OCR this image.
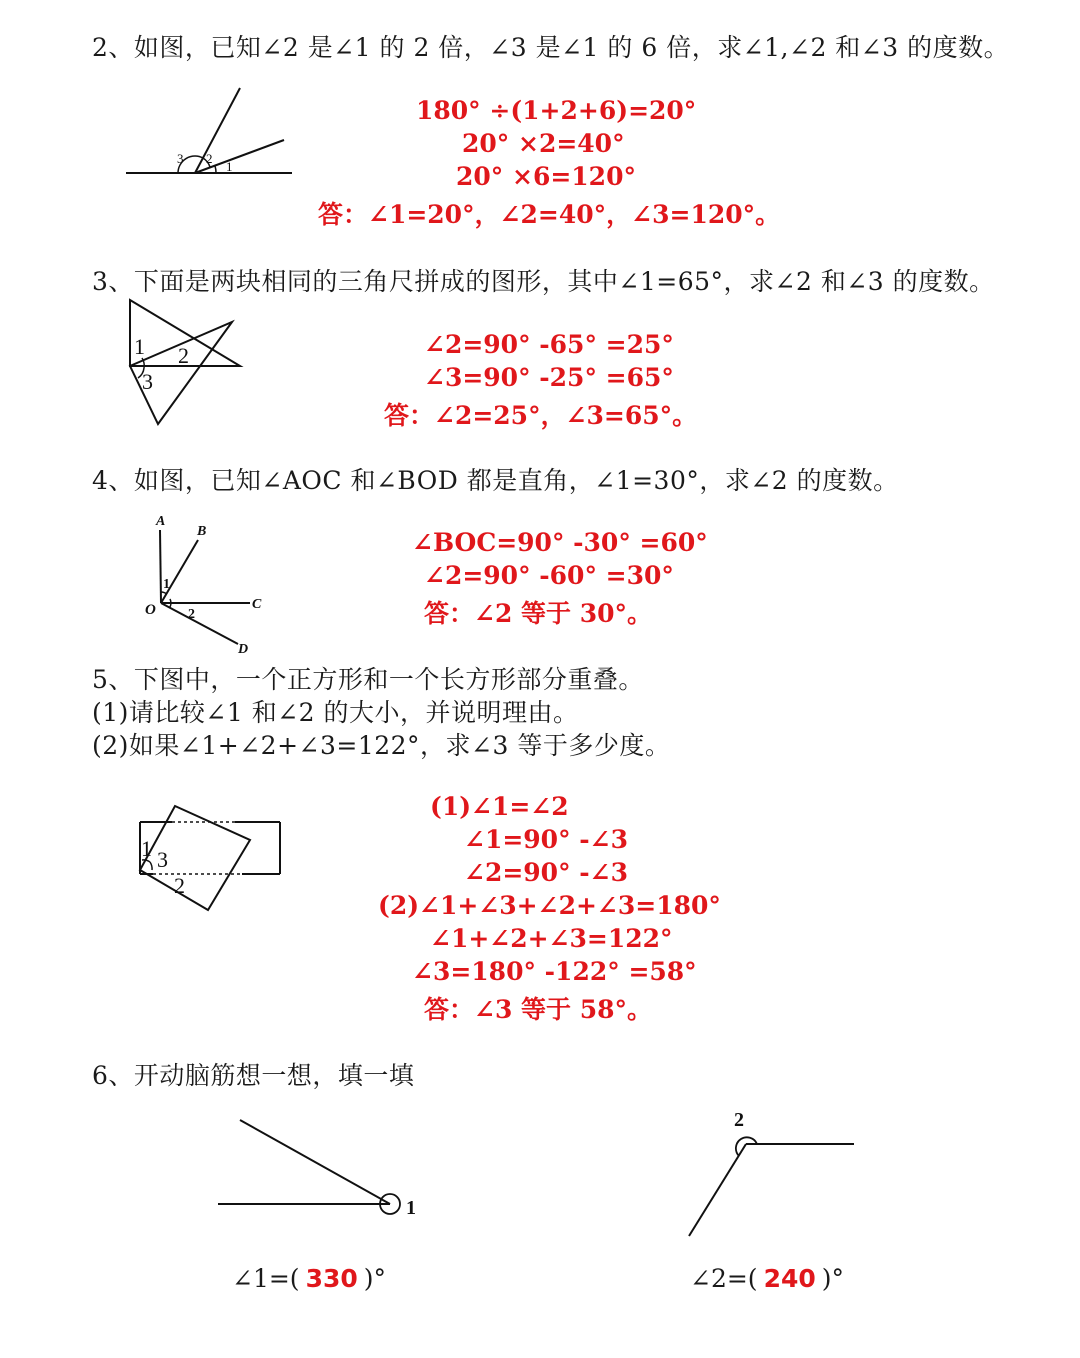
2、如图，已知∠2 是∠1 的 2 倍，∠3 是∠1 的 6 倍，求∠1,∠2 和∠3 的度数。
3 2
1
180° ÷(1+2+6)=20°
20° ×2=40°
20° ×6=120°
答：∠1=20°，∠2=40°，∠3=120°。
3、下面是两块相同的三角尺拼成的图形，其中∠1=65°，求∠2 和∠3 的度数。
1 2
3
∠2=90° -65° =25°
∠3=90° -25° =65°
答：∠2=25°，∠3=65°。
4、如图，已知∠AOC 和∠BOD 都是直角，∠1=30°，求∠2 的度数。
A
B
C
D
O
1
2
∠BOC=90° -30° =60°
∠2=90° -60° =30°
答：∠2 等于 30°。
5、下图中，一个正方形和一个长方形部分重叠。
(1)请比较∠1 和∠2 的大小，并说明理由。
(2)如果∠1+∠2+∠3=122°，求∠3 等于多少度。
1 3
2
(1)∠1=∠2
∠1=90° -∠3
∠2=90° -∠3
(2)∠1+∠3+∠2+∠3=180°
∠1+∠2+∠3=122°
∠3=180° -122° =58°
答：∠3 等于 58°。
6、开动脑筋想一想，填一填
1
2
∠1=( 330 )°	∠2=( 240 )°
